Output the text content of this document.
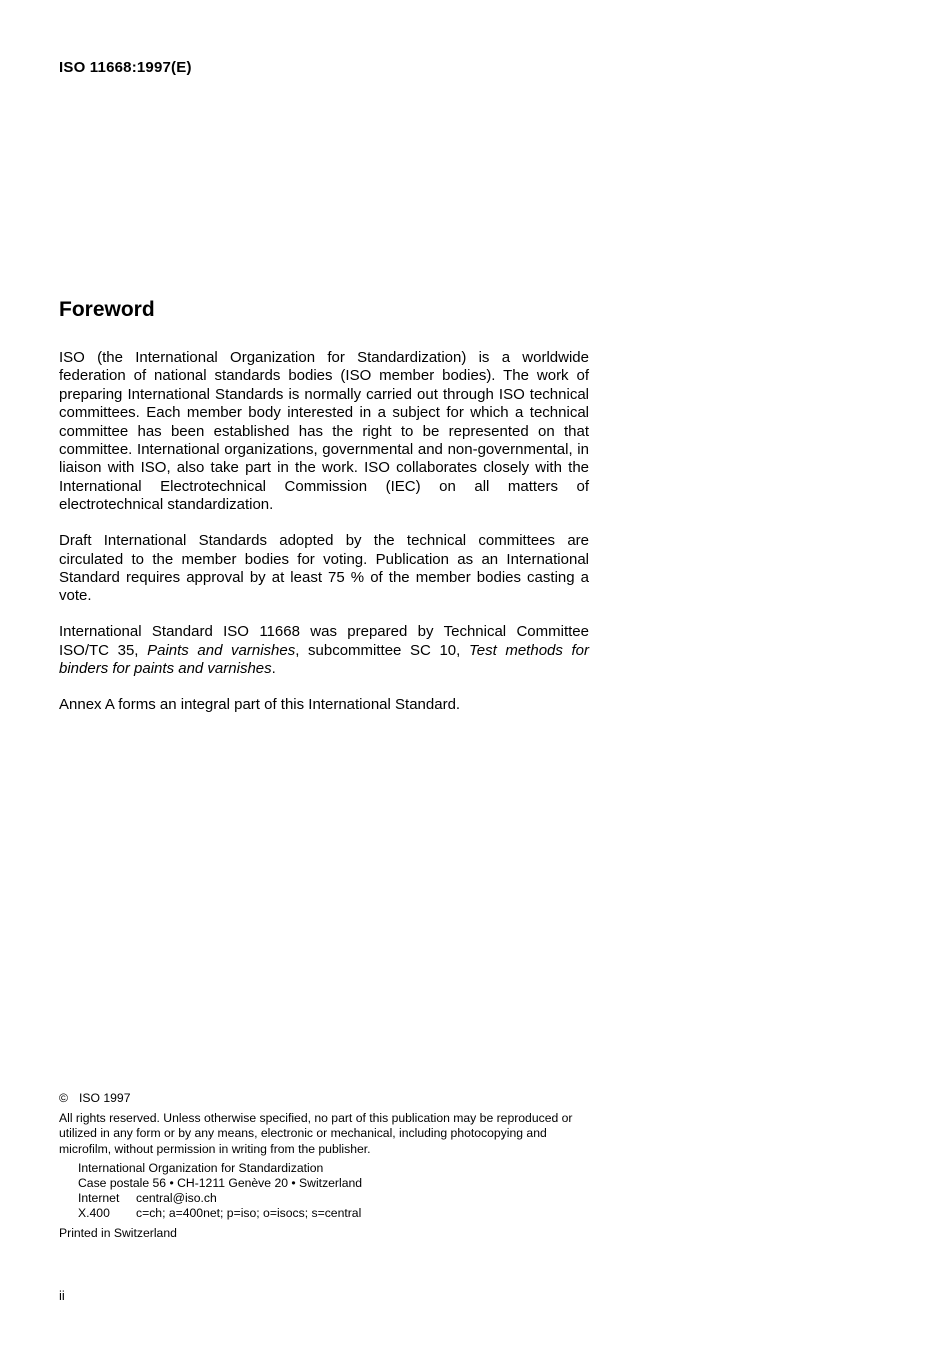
ISO 11668:1997(E)
Foreword

ISO (the International Organization for Standardization) is a worldwide federation of national standards bodies (ISO member bodies). The work of preparing International Standards is normally carried out through ISO technical committees. Each member body interested in a subject for which a technical committee has been established has the right to be represented on that committee. International organizations, governmental and non-governmental, in liaison with ISO, also take part in the work. ISO collaborates closely with the International Electrotechnical Commission (IEC) on all matters of electrotechnical standardization.

Draft International Standards adopted by the technical committees are circulated to the member bodies for voting. Publication as an International Standard requires approval by at least 75 % of the member bodies casting a vote.

International Standard ISO 11668 was prepared by Technical Committee ISO/TC 35, Paints and varnishes, subcommittee SC 10, Test methods for binders for paints and varnishes.

Annex A forms an integral part of this International Standard.

© ISO 1997

All rights reserved. Unless otherwise specified, no part of this publication may be reproduced or utilized in any form or by any means, electronic or mechanical, including photocopying and microfilm, without permission in writing from the publisher.

International Organization for Standardization
Case postale 56 • CH-1211 Genève 20 • Switzerland
Internet central@iso.ch
X.400 c=ch; a=400net; p=iso; o=isocs; s=central
Printed in Switzerland
ii
